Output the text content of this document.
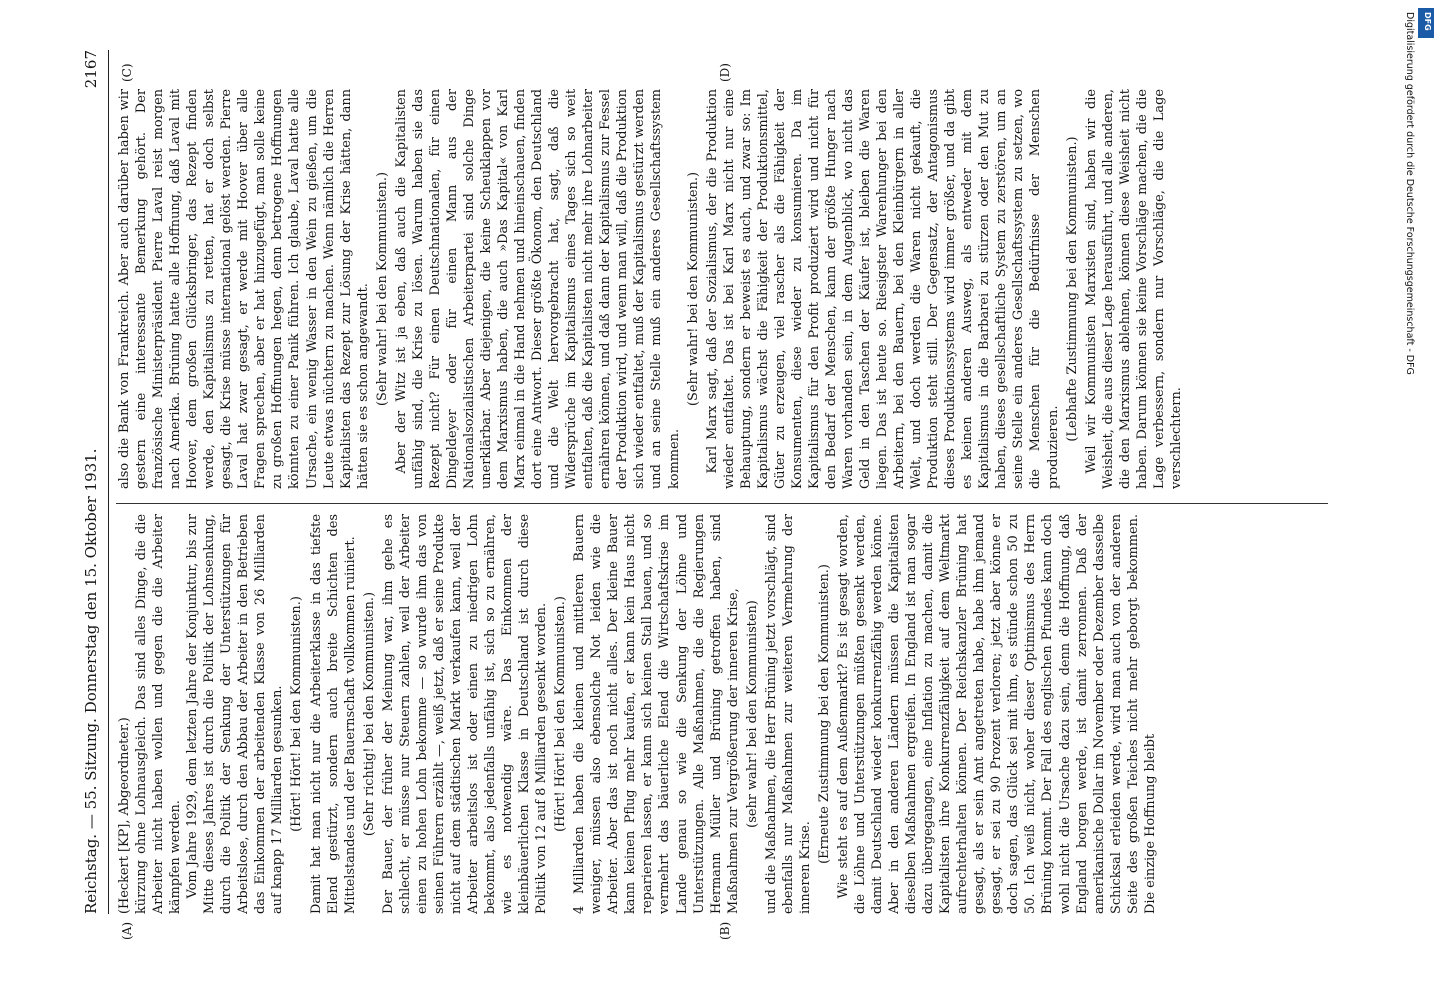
Reichstag. — 55. Sitzung. Donnerstag den 15. Oktober 1931.
2167

(Heckert [KP], Abgeordneter.) kürzung ohne Lohnausgleich. Das sind alles Dinge, die die Arbeiter nicht haben wollen und gegen die die Arbeiter kämpfen werden. Vom Jahre 1929, dem letzten Jahre der Konjunktur, bis zur Mitte dieses Jahres ist durch die Politik der Lohnsenkung, durch die Politik der Senkung der Unterstützungen für Arbeitslose, durch den Abbau der Arbeiter in den Betrieben das Einkommen der arbeitenden Klasse von 26 Milliarden auf knapp 17 Milliarden gesunken. (Hört! Hört! bei den Kommunisten.) Damit hat man nicht nur die Arbeiterklasse in das tiefste Elend gestürzt, sondern auch breite Schichten des Mittelstandes und der Bauernschaft vollkommen ruiniert. (Sehr richtig! bei den Kommunisten.) Der Bauer, der früher der Meinung war, ihm gehe es schlecht, er müsse nur Steuern zahlen, weil der Arbeiter einen zu hohen Lohn bekomme — so wurde ihm das von seinen Führern erzählt —, weiß jetzt, daß er seine Produkte nicht auf dem städtischen Markt verkaufen kann, weil der Arbeiter arbeitslos ist oder einen zu niedrigen Lohn bekommt, also jedenfalls unfähig ist, sich so zu ernähren, wie es notwendig wäre. Das Einkommen der kleinbäuerlichen Klasse in Deutschland ist durch diese Politik von 12 auf 8 Milliarden gesenkt worden. (Hört! Hört! bei den Kommunisten.) 4 Milliarden haben die kleinen und mittleren Bauern weniger, müssen also ebensolche Not leiden wie die Arbeiter. Aber das ist noch nicht alles. Der kleine Bauer kann keinen Pflug mehr kaufen, er kann kein Haus nicht reparieren lassen, er kann sich keinen Stall bauen, und so vermehrt das bäuerliche Elend die Wirtschaftskrise im Lande genau so wie die Senkung der Löhne und Unterstützungen. Alle Maßnahmen, die die Regierungen Hermann Müller und Brüning getroffen haben, sind Maßnahmen zur Vergrößerung der inneren Krise, (sehr wahr! bei den Kommunisten) und die Maßnahmen, die Herr Brüning jetzt vorschlägt, sind ebenfalls nur Maßnahmen zur weiteren Vermehrung der inneren Krise.

(Erneute Zustimmung bei den Kommunisten.) Wie steht es auf dem Außenmarkt? Es ist gesagt worden, die Löhne und Unterstützungen müßten gesenkt werden, damit Deutschland wieder konkurrenzfähig werden könne. Aber in den anderen Ländern müssen die Kapitalisten dieselben Maßnahmen ergreifen. In England ist man sogar dazu übergegangen, eine Inflation zu machen, damit die Kapitalisten ihre Konkurrenzfähigkeit auf dem Weltmarkt aufrechterhalten können. Der Reichskanzler Brüning hat gesagt, als er sein Amt angetreten habe, habe ihm jemand gesagt, er sei zu 90 Prozent verloren; jetzt aber könne er doch sagen, das Glück sei mit ihm, es stünde schon 50 zu 50. Ich weiß nicht, woher dieser Optimismus des Herrn Brüning kommt. Der Fall des englischen Pfundes kann doch wohl nicht die Ursache dazu sein, denn die Hoffnung, daß England borgen werde, ist damit zerronnen. Daß der amerikanische Dollar im November oder Dezember dasselbe Schicksal erleiden werde, wird man auch von der anderen Seite des großen Teiches nicht mehr geborgt bekommen. Die einzige Hoffnung bleibt

also die Bank von Frankreich. Aber auch darüber haben wir gestern eine interessante Bemerkung gehört. Der französische Ministerpräsident Pierre Laval reist morgen nach Amerika. Brüning hatte alle Hoffnung, daß Laval mit Hoover, dem großen Glücksbringer, das Rezept finden werde, den Kapitalismus zu retten, hat er doch selbst gesagt, die Krise müsse international gelöst werden. Pierre Laval hat zwar gesagt, er werde mit Hoover über alle Fragen sprechen, aber er hat hinzugefügt, man solle keine zu großen Hoffnungen hegen, denn betrogene Hoffnungen könnten zu einer Panik führen. Ich glaube, Laval hatte alle Ursache, ein wenig Wasser in den Wein zu gießen, um die Leute etwas nüchtern zu machen. Wenn nämlich die Herren Kapitalisten das Rezept zur Lösung der Krise hätten, dann hätten sie es schon angewandt. (Sehr wahr! bei den Kommunisten.) Aber der Witz ist ja eben, daß auch die Kapitalisten unfähig sind, die Krise zu lösen. Warum haben sie das Rezept nicht? Für einen Deutschnationalen, für einen Dingeldeyer oder für einen Mann aus der Nationalsozialistischen Arbeiterpartei sind solche Dinge unerklärbar. Aber diejenigen, die keine Scheuklappen vor dem Marxismus haben, die auch »Das Kapital« von Karl Marx einmal in die Hand nehmen und hineinschauen, finden dort eine Antwort. Dieser größte Ökonom, den Deutschland und die Welt hervorgebracht hat, sagt, daß die Widersprüche im Kapitalismus eines Tages sich so weit entfalten, daß die Kapitalisten nicht mehr ihre Lohnarbeiter ernähren können, und daß dann der Kapitalismus zur Fessel der Produktion wird, und wenn man will, daß die Produktion sich wieder entfaltet, muß der Kapitalismus gestürzt werden und an seine Stelle muß ein anderes Gesellschaftssystem kommen.

(Sehr wahr! bei den Kommunisten.) Karl Marx sagt, daß der Sozialismus, der die Produktion wieder entfaltet. Das ist bei Karl Marx nicht nur eine Behauptung, sondern er beweist es auch, und zwar so: Im Kapitalismus wächst die Fähigkeit der Produktionsmittel, Güter zu erzeugen, viel rascher als die Fähigkeit der Konsumenten, diese wieder zu konsumieren. Da im Kapitalismus für den Profit produziert wird und nicht für den Bedarf der Menschen, kann der größte Hunger nach Waren vorhanden sein, in dem Augenblick, wo nicht das Geld in den Taschen der Käufer ist, bleiben die Waren liegen. Das ist heute so. Riesigster Warenhunger bei den Arbeitern, bei den Bauern, bei den Kleinbürgern in aller Welt, und doch werden die Waren nicht gekauft, die Produktion steht still. Der Gegensatz, der Antagonismus dieses Produktionssystems wird immer größer, und da gibt es keinen anderen Ausweg, als entweder mit dem Kapitalismus in die Barbarei zu stürzen oder den Mut zu haben, dieses gesellschaftliche System zu zerstören, um an seine Stelle ein anderes Gesellschaftssystem zu setzen, wo die Menschen für die Bedürfnisse der Menschen produzieren.

(Lebhafte Zustimmung bei den Kommunisten.) Weil wir Kommunisten Marxisten sind, haben wir die Weisheit, die aus dieser Lage herausführt, und alle anderen, die den Marxismus ablehnen, können diese Weisheit nicht haben. Darum können sie keine Vorschläge machen, die die Lage verbessern, sondern nur Vorschläge, die die Lage verschlechtern.

(A)	(B)
(C)	(D)
DFG
Digitalisierung gefördert durch die Deutsche Forschungsgemeinschaft - DFG
